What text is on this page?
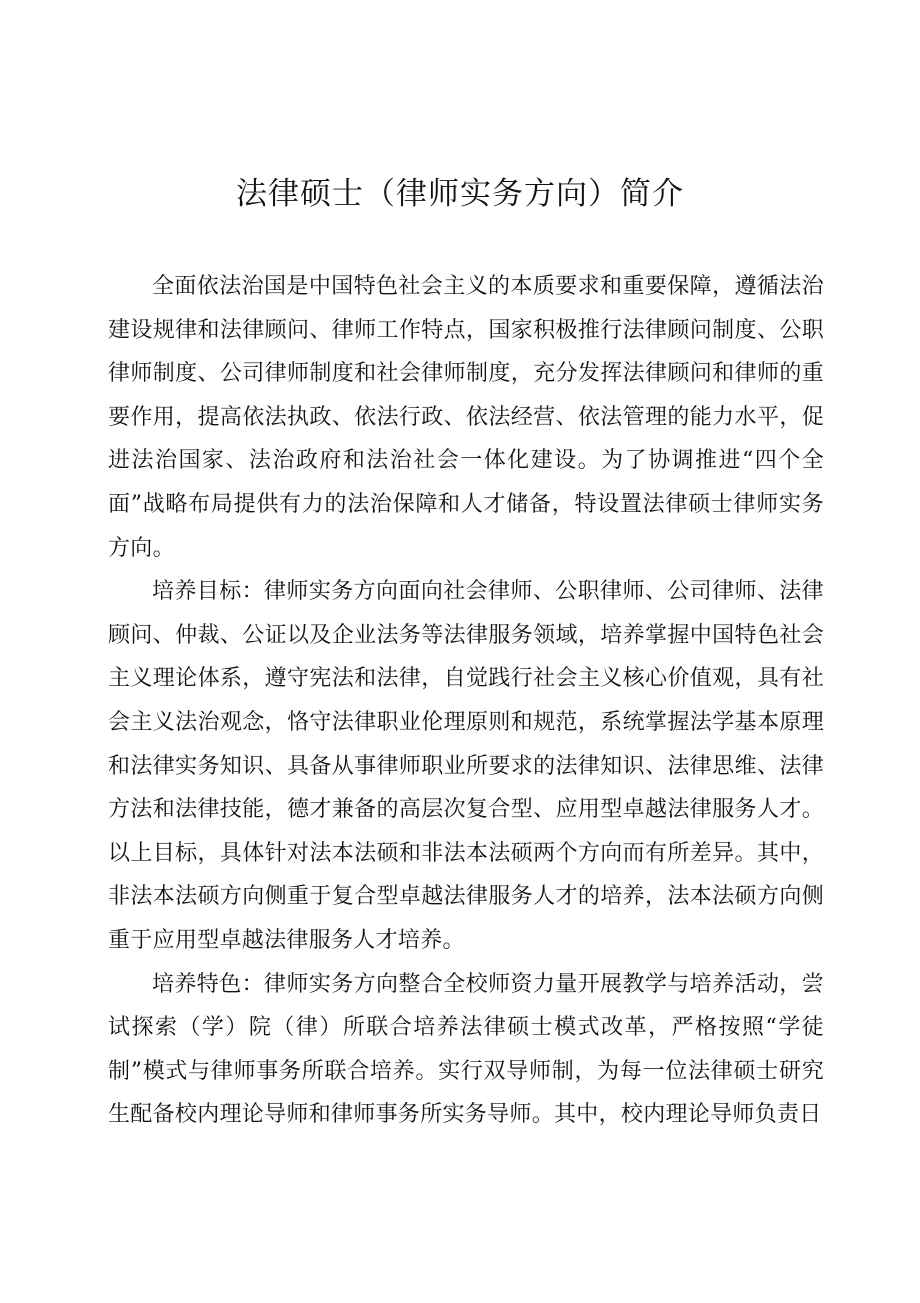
法律硕士（律师实务方向）简介

全面依法治国是中国特色社会主义的本质要求和重要保障，遵循法治建设规律和法律顾问、律师工作特点，国家积极推行法律顾问制度、公职律师制度、公司律师制度和社会律师制度，充分发挥法律顾问和律师的重要作用，提高依法执政、依法行政、依法经营、依法管理的能力水平，促进法治国家、法治政府和法治社会一体化建设。为了协调推进“四个全面”战略布局提供有力的法治保障和人才储备，特设置法律硕士律师实务方向。

培养目标：律师实务方向面向社会律师、公职律师、公司律师、法律顾问、仲裁、公证以及企业法务等法律服务领域，培养掌握中国特色社会主义理论体系，遵守宪法和法律，自觉践行社会主义核心价值观，具有社会主义法治观念，恪守法律职业伦理原则和规范，系统掌握法学基本原理和法律实务知识、具备从事律师职业所要求的法律知识、法律思维、法律方法和法律技能，德才兼备的高层次复合型、应用型卓越法律服务人才。以上目标，具体针对法本法硕和非法本法硕两个方向而有所差异。其中，非法本法硕方向侧重于复合型卓越法律服务人才的培养，法本法硕方向侧重于应用型卓越法律服务人才培养。

培养特色：律师实务方向整合全校师资力量开展教学与培养活动，尝试探索（学）院（律）所联合培养法律硕士模式改革，严格按照“学徒制”模式与律师事务所联合培养。实行双导师制，为每一位法律硕士研究生配备校内理论导师和律师事务所实务导师。其中，校内理论导师负责日
